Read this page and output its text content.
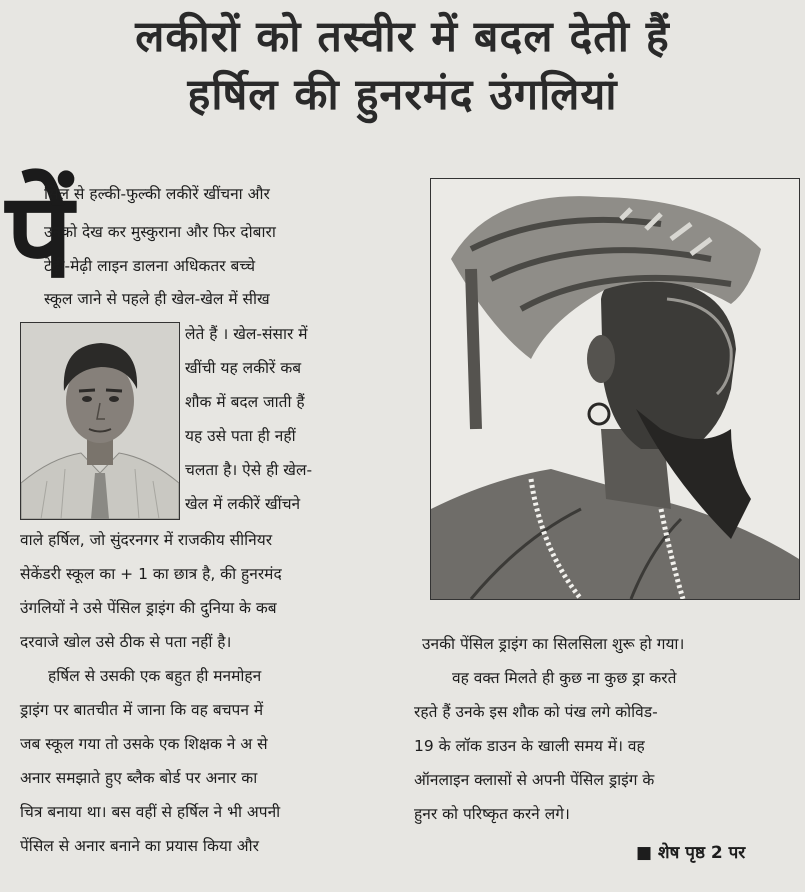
लकीरों को तस्वीर में बदल देती हैं
हर्षिल की हुनरमंद उंगलियां
पें
सिल से हल्की-फुल्की लकीरें खींचना और
उनको देख कर मुस्कुराना और फिर दोबारा
टेढ़ी-मेढ़ी लाइन डालना अधिकतर बच्चे
स्कूल जाने से पहले ही खेल-खेल में सीख
लेते हैं । खेल-संसार में
खींची यह लकीरें कब
शौक में बदल जाती हैं
यह उसे पता ही नहीं
चलता है। ऐसे ही खेल-
खेल में लकीरें खींचने
वाले हर्षिल, जो सुंदरनगर में राजकीय सीनियर
सेकेंडरी स्कूल का + 1 का छात्र है, की हुनरमंद
उंगलियों ने उसे पेंसिल ड्राइंग की दुनिया के कब
दरवाजे खोल उसे ठीक से पता नहीं है।
हर्षिल से उसकी एक बहुत ही मनमोहन
ड्राइंग पर बातचीत में जाना कि वह बचपन में
जब स्कूल गया तो उसके एक शिक्षक ने अ से
अनार समझाते हुए ब्लैक बोर्ड पर अनार का
चित्र बनाया था। बस वहीं से हर्षिल ने भी अपनी
पेंसिल से अनार बनाने का प्रयास किया और
उनकी पेंसिल ड्राइंग का सिलसिला शुरू हो गया।
वह वक्त मिलते ही कुछ ना कुछ ड्रा करते
रहते हैं उनके इस शौक को पंख लगे कोविड-
19 के लॉक डाउन के खाली समय में। वह
ऑनलाइन क्लासों से अपनी पेंसिल ड्राइंग के
हुनर को परिष्कृत करने लगे।
■ शेष पृष्ठ 2 पर
